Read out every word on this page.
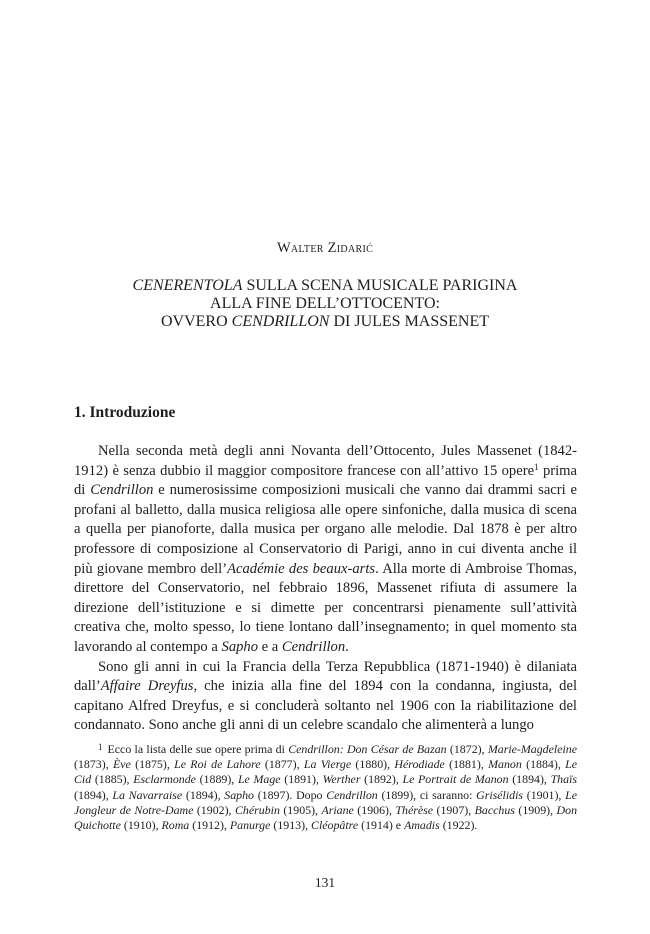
Walter Zidarić

CENERENTOLA SULLA SCENA MUSICALE PARIGINA
ALLA FINE DELL’OTTOCENTO:
OVVERO CENDRILLON DI JULES MASSENET
1. Introduzione

Nella seconda metà degli anni Novanta dell’Ottocento, Jules Massenet (1842-1912) è senza dubbio il maggior compositore francese con all’attivo 15 opere$^1$ prima di Cendrillon e numerosissime composizioni musicali che vanno dai drammi sacri e profani al balletto, dalla musica religiosa alle opere sinfoniche, dalla musica di scena a quella per pianoforte, dalla musica per organo alle melodie. Dal 1878 è per altro professore di composizione al Conservatorio di Parigi, anno in cui diventa anche il più giovane membro dell’Académie des beaux-arts. Alla morte di Ambroise Thomas, direttore del Conservatorio, nel febbraio 1896, Massenet rifiuta di assumere la direzione dell’istituzione e si dimette per concentrarsi pienamente sull’attività creativa che, molto spesso, lo tiene lontano dall’insegnamento; in quel momento sta lavorando al contempo a Sapho e a Cendrillon.

Sono gli anni in cui la Francia della Terza Repubblica (1871-1940) è dilaniata dall’Affaire Dreyfus, che inizia alla fine del 1894 con la condanna, ingiusta, del capitano Alfred Dreyfus, e si concluderà soltanto nel 1906 con la riabilitazione del condannato. Sono anche gli anni di un celebre scandalo che alimenterà a lungo

$^1$ Ecco la lista delle sue opere prima di Cendrillon: Don César de Bazan (1872), Marie-Magdeleine (1873), Ève (1875), Le Roi de Lahore (1877), La Vierge (1880), Hérodiade (1881), Manon (1884), Le Cid (1885), Esclarmonde (1889), Le Mage (1891), Werther (1892), Le Portrait de Manon (1894), Thaïs (1894), La Navarraise (1894), Sapho (1897). Dopo Cendrillon (1899), ci saranno: Grisélidis (1901), Le Jongleur de Notre-Dame (1902), Chérubin (1905), Ariane (1906), Thérèse (1907), Bacchus (1909), Don Quichotte (1910), Roma (1912), Panurge (1913), Cléopâtre (1914) e Amadis (1922).

131
